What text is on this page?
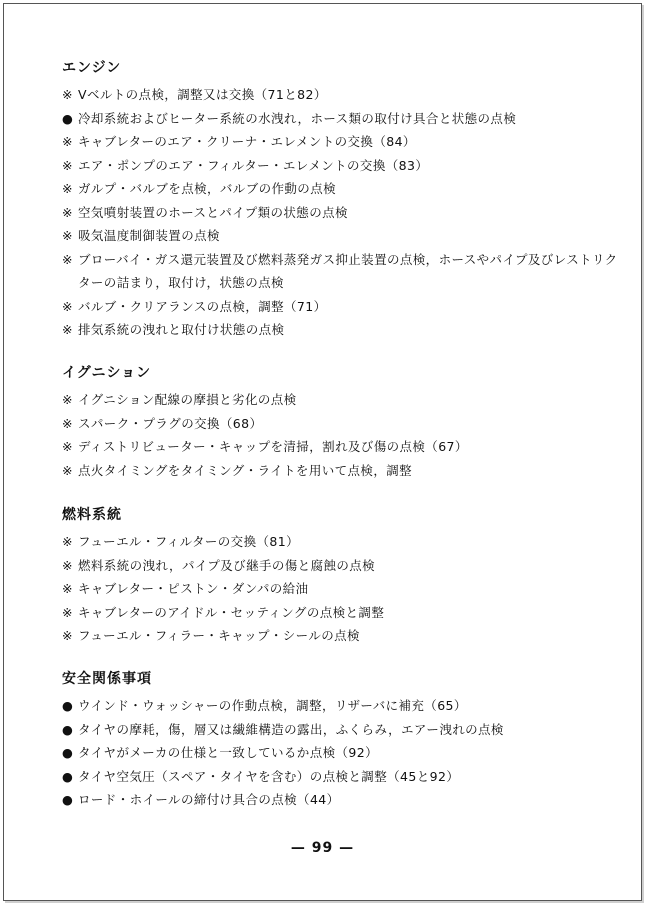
エンジン
※ Vベルトの点検，調整又は交換（71と82）
● 冷却系統およびヒーター系統の水洩れ，ホース類の取付け具合と状態の点検
※ キャブレターのエア・クリーナ・エレメントの交換（84）
※ エア・ポンプのエア・フィルター・エレメントの交換（83）
※ ガルプ・バルブを点検，バルブの作動の点検
※ 空気噴射装置のホースとパイプ類の状態の点検
※ 吸気温度制御装置の点検
※ ブローバイ・ガス還元装置及び燃料蒸発ガス抑止装置の点検，ホースやパイプ及びレストリクターの詰まり，取付け，状態の点検
※ バルブ・クリアランスの点検，調整（71）
※ 排気系統の洩れと取付け状態の点検
イグニション
※ イグニション配線の摩損と劣化の点検
※ スパーク・プラグの交換（68）
※ ディストリビューター・キャップを清掃，割れ及び傷の点検（67）
※ 点火タイミングをタイミング・ライトを用いて点検，調整
燃料系統
※ フューエル・フィルターの交換（81）
※ 燃料系統の洩れ，パイプ及び継手の傷と腐蝕の点検
※ キャブレター・ピストン・ダンパの給油
※ キャブレターのアイドル・セッティングの点検と調整
※ フューエル・フィラー・キャップ・シールの点検
安全関係事項
● ウインド・ウォッシャーの作動点検，調整，リザーバに補充（65）
● タイヤの摩耗，傷，層又は繊維構造の露出，ふくらみ，エアー洩れの点検
● タイヤがメーカの仕様と一致しているか点検（92）
● タイヤ空気圧（スペア・タイヤを含む）の点検と調整（45と92）
● ロード・ホイールの締付け具合の点検（44）
— 99 —
